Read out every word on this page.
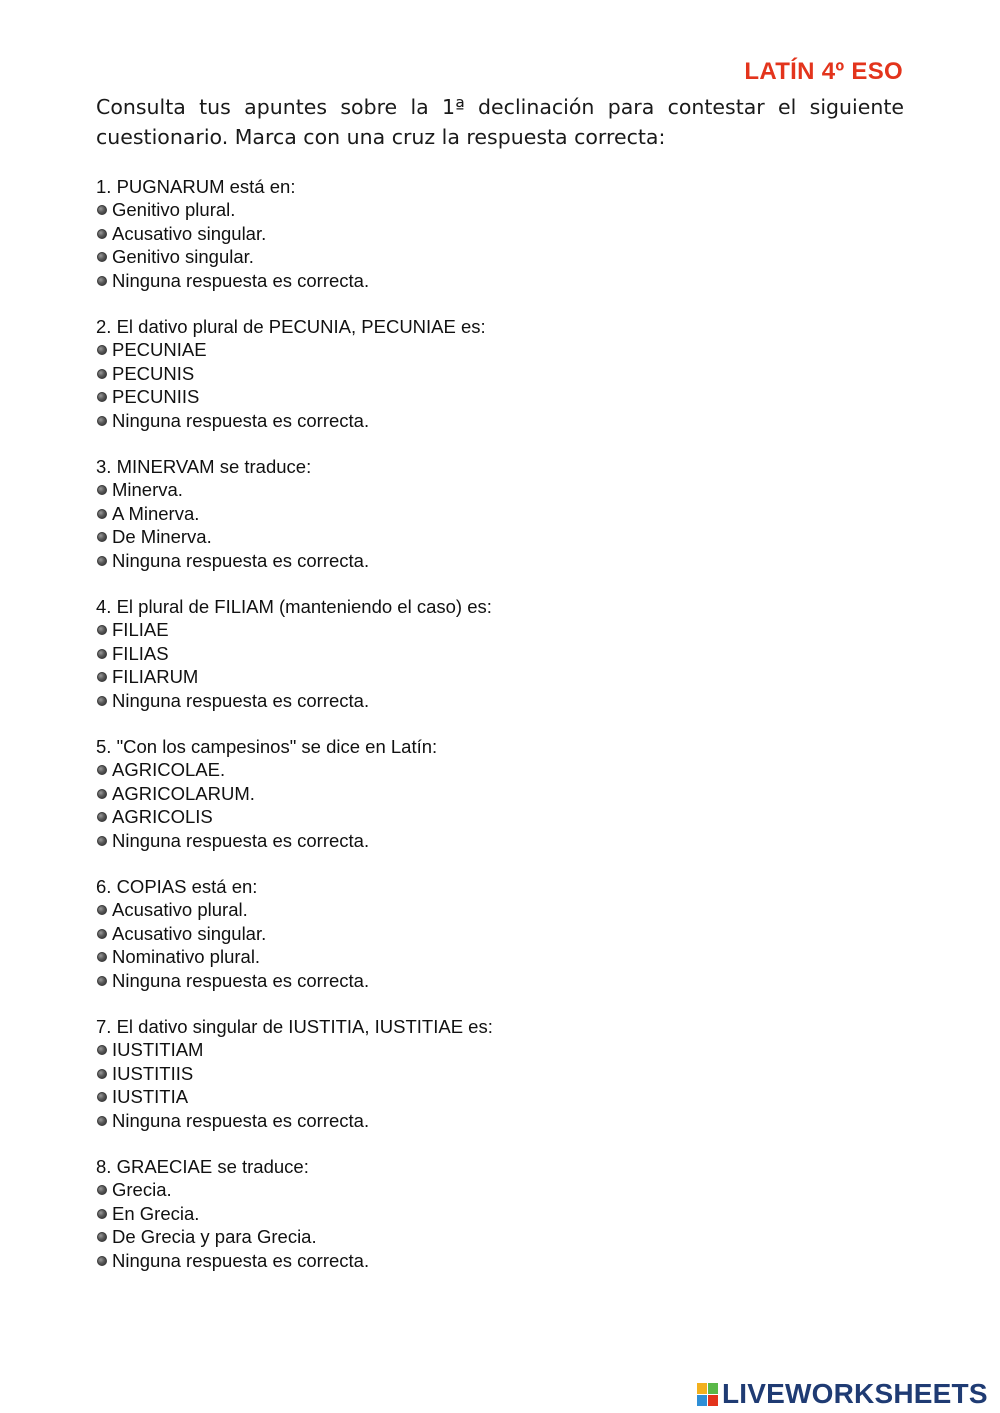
LATÍN 4º ESO
Consulta tus apuntes sobre la 1ª declinación para contestar el siguiente cuestionario. Marca con una cruz la respuesta correcta:
1. PUGNARUM está en:
Genitivo plural.
Acusativo singular.
Genitivo singular.
Ninguna respuesta es correcta.
2. El dativo plural de PECUNIA, PECUNIAE es:
PECUNIAE
PECUNIS
PECUNIIS
Ninguna respuesta es correcta.
3. MINERVAM se traduce:
Minerva.
A Minerva.
De Minerva.
Ninguna respuesta es correcta.
4. El plural de FILIAM (manteniendo el caso) es:
FILIAE
FILIAS
FILIARUM
Ninguna respuesta es correcta.
5. "Con los campesinos" se dice en Latín:
AGRICOLAE.
AGRICOLARUM.
AGRICOLIS
Ninguna respuesta es correcta.
6. COPIAS está en:
Acusativo plural.
Acusativo singular.
Nominativo plural.
Ninguna respuesta es correcta.
7. El dativo singular de IUSTITIA, IUSTITIAE es:
IUSTITIAM
IUSTITIIS
IUSTITIA
Ninguna respuesta es correcta.
8. GRAECIAE se traduce:
Grecia.
En Grecia.
De Grecia y para Grecia.
Ninguna respuesta es correcta.
LIVEWORKSHEETS
